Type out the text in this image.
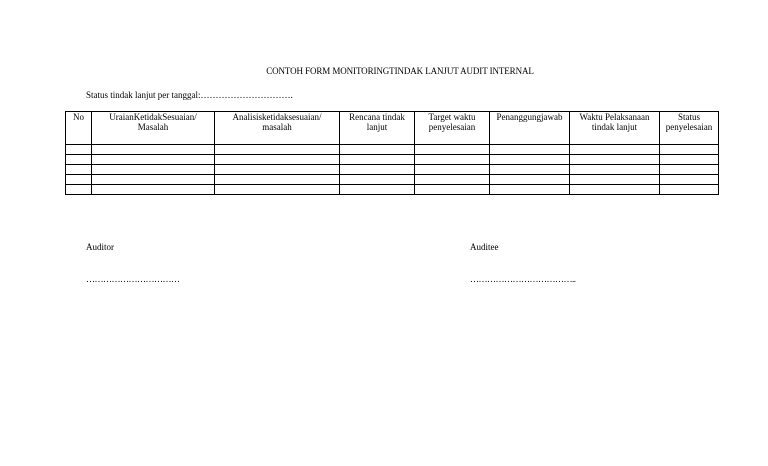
CONTOH FORM MONITORINGTINDAK LANJUT AUDIT INTERNAL
Status tindak lanjut per tanggal:………………………….
No	UraianKetidakSesuaian/ Masalah	Analisisketidaksesuaian/ masalah	Rencana tindak lanjut	Target waktu penyelesaian	Penanggungjawab	Waktu Pelaksanaan tindak lanjut	Status penyelesaian

Auditor
……………………………
Auditee
………………………………..
